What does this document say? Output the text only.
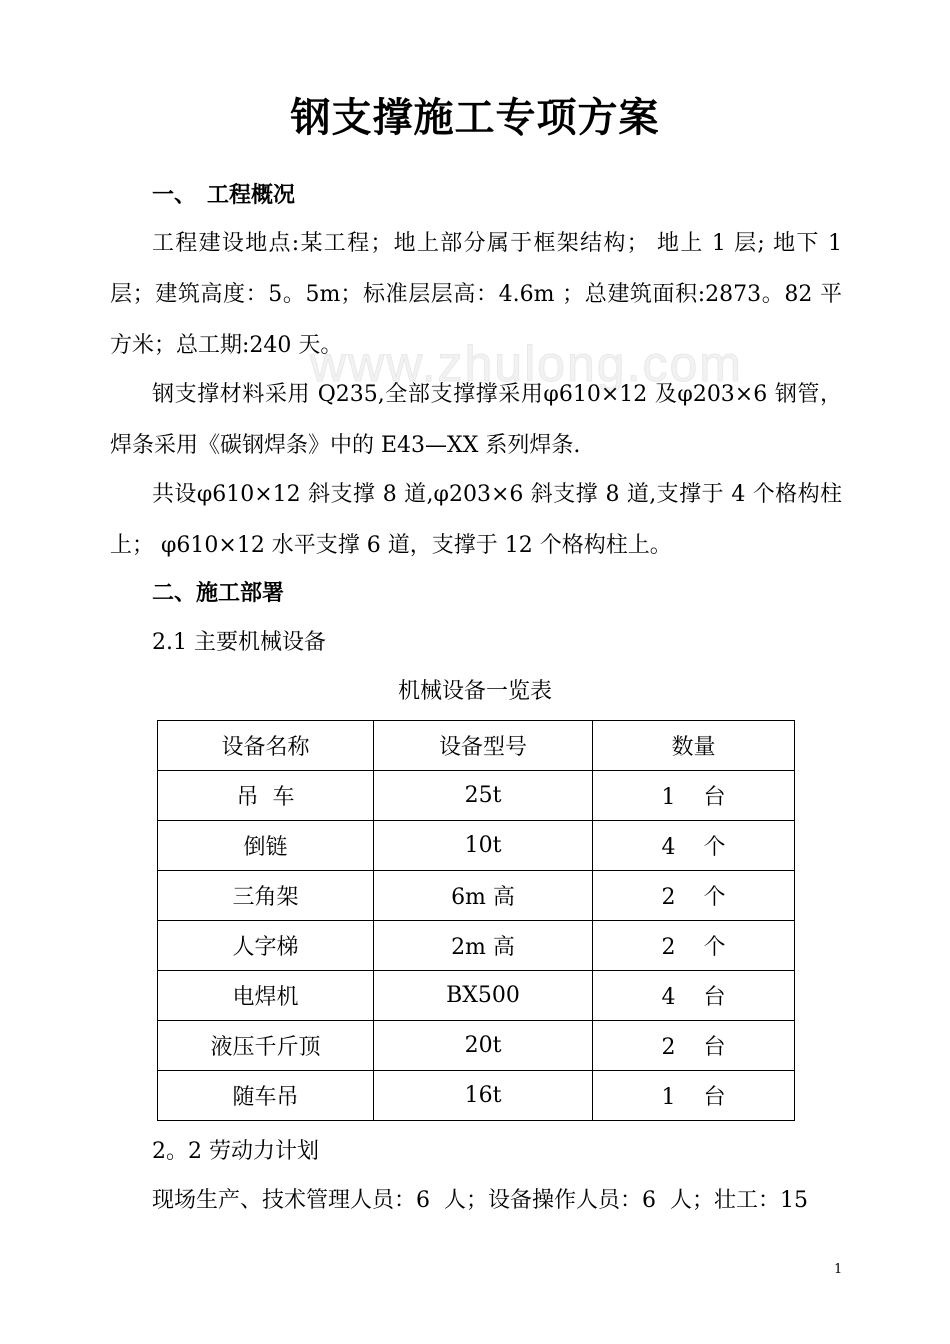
www.zhulong.com
钢支撑施工专项方案
一、　工程概况

工程建设地点:某工程；地上部分属于框架结构； 地上 1 层; 地下 1 层；建筑高度：5。5m；标准层层高：4.6m ；总建筑面积:2873。82 平方米；总工期:240 天。

钢支撑材料采用 Q235,全部支撑撑采用φ610×12 及φ203×6 钢管，焊条采用《碳钢焊条》中的 E43—XX 系列焊条.

共设φ610×12 斜支撑 8 道,φ203×6 斜支撑 8 道,支撑于 4 个格构柱上； φ610×12 水平支撑 6 道，支撑于 12 个格构柱上。

二、施工部署
2.1 主要机械设备
机械设备一览表
设备名称	设备型号	数量
吊  车	25t	1    台
倒链	10t	4    个
三角架	6m 高	2    个
人字梯	2m 高	2    个
电焊机	BX500	4    台
液压千斤顶	20t	2    台
随车吊	16t	1    台
2。2 劳动力计划
现场生产、技术管理人员：6  人；设备操作人员：6  人；壮工：15
1
